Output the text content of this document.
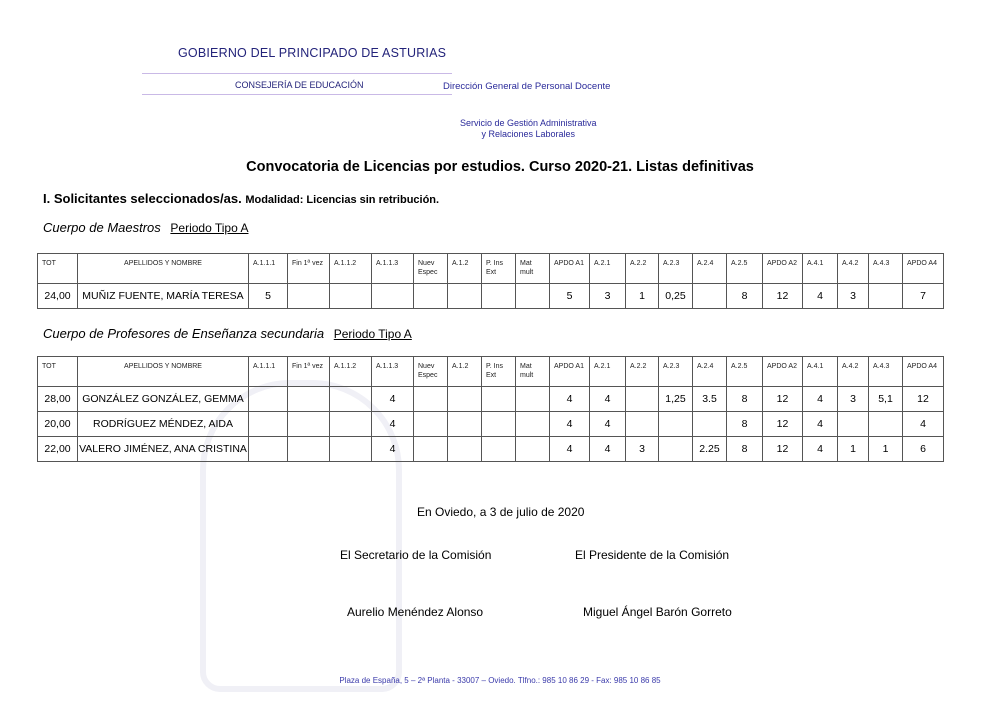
GOBIERNO DEL PRINCIPADO DE ASTURIAS
CONSEJERÍA DE EDUCACIÓN	Dirección General de Personal Docente
Servicio de Gestión Administrativa
y Relaciones Laborales
Convocatoria de Licencias por estudios. Curso 2020-21. Listas definitivas
I. Solicitantes seleccionados/as. Modalidad: Licencias sin retribución.
Cuerpo de Maestros Periodo Tipo A
TOT	APELLIDOS Y NOMBRE	A.1.1.1	Fin 1ª vez	A.1.1.2	A.1.1.3	Nuev Espec	A.1.2	P. Ins Ext	Mat mult	APDO A1	A.2.1	A.2.2	A.2.3	A.2.4	A.2.5	APDO A2	A.4.1	A.4.2	A.4.3	APDO A4
24,00	MUÑIZ FUENTE, MARÍA TERESA	5								5	3	1	0,25		8	12	4	3		7
Cuerpo de Profesores de Enseñanza secundaria Periodo Tipo A
TOT	APELLIDOS Y NOMBRE	A.1.1.1	Fin 1ª vez	A.1.1.2	A.1.1.3	Nuev Espec	A.1.2	P. Ins Ext	Mat mult	APDO A1	A.2.1	A.2.2	A.2.3	A.2.4	A.2.5	APDO A2	A.4.1	A.4.2	A.4.3	APDO A4
28,00	GONZÁLEZ GONZÁLEZ, GEMMA				4					4	4		1,25	3.5	8	12	4	3	5,1	12
20,00	RODRÍGUEZ MÉNDEZ, AIDA				4					4	4				8	12	4			4
22,00	VALERO JIMÉNEZ, ANA CRISTINA				4					4	4	3		2.25	8	12	4	1	1	6
En Oviedo, a 3 de julio de 2020
El Secretario de la Comisión	El Presidente de la Comisión
Aurelio Menéndez Alonso	Miguel Ángel Barón Gorreto
Plaza de España, 5 – 2ª Planta - 33007 – Oviedo. Tlfno.: 985 10 86 29 - Fax: 985 10 86 85
